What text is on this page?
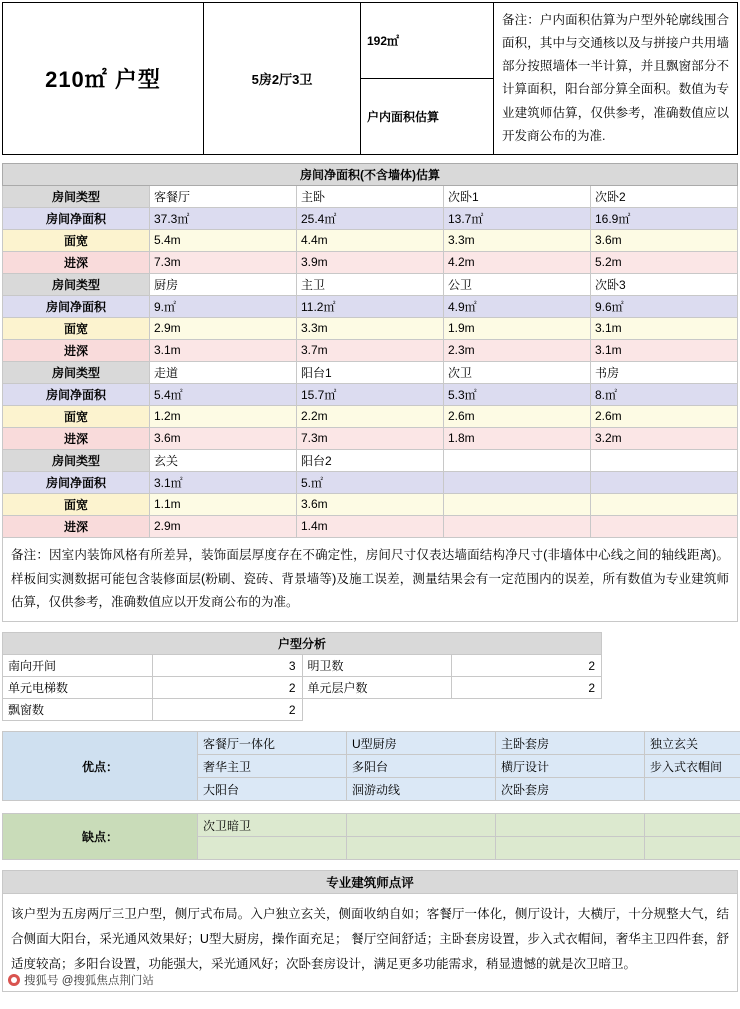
210㎡ 户型	5房2厅3卫	192㎡	备注：户内面积估算为户型外轮廓线围合面积，其中与交通核以及与拼接户共用墙部分按照墙体一半计算，并且飘窗部分不计算面积，阳台部分算全面积。数值为专业建筑师估算，仅供参考，准确数值应以开发商公布的为准.
户内面积估算
房间净面积(不含墙体)估算				
房间类型	客餐厅	主卧	次卧1	次卧2
房间净面积	37.3㎡	25.4㎡	13.7㎡	16.9㎡
面宽	5.4m	4.4m	3.3m	3.6m
进深	7.3m	3.9m	4.2m	5.2m
房间类型	厨房	主卫	公卫	次卧3
房间净面积	9.㎡	11.2㎡	4.9㎡	9.6㎡
面宽	2.9m	3.3m	1.9m	3.1m
进深	3.1m	3.7m	2.3m	3.1m
房间类型	走道	阳台1	次卫	书房
房间净面积	5.4㎡	15.7㎡	5.3㎡	8.㎡
面宽	1.2m	2.2m	2.6m	2.6m
进深	3.6m	7.3m	1.8m	3.2m
房间类型	玄关	阳台2		
房间净面积	3.1㎡	5.㎡		
面宽	1.1m	3.6m		
进深	2.9m	1.4m		
备注：因室内装饰风格有所差异，装饰面层厚度存在不确定性，房间尺寸仅表达墙面结构净尺寸(非墙体中心线之间的轴线距离)。样板间实测数据可能包含装修面层(粉刷、瓷砖、背景墙等)及施工误差，测量结果会有一定范围内的误差，所有数值为专业建筑师估算，仅供参考，准确数值应以开发商公布的为准。
户型分析			
南向开间	3	明卫数	2
单元电梯数	2	单元层户数	2
飘窗数	2		
优点：	客餐厅一体化	U型厨房	主卧套房	独立玄关
	奢华主卫	多阳台	横厅设计	步入式衣帽间
	大阳台	洄游动线	次卧套房	
缺点：	次卫暗卫			

专业建筑师点评
该户型为五房两厅三卫户型，侧厅式布局。入户独立玄关，侧面收纳自如；客餐厅一体化，侧厅设计，大横厅，十分规整大气，结合侧面大阳台，采光通风效果好；U型大厨房，操作面充足； 餐厅空间舒适；主卧套房设置，步入式衣帽间，奢华主卫四件套，舒适度较高；多阳台设置，功能强大，采光通风好；次卧套房设计，满足更多功能需求，稍显遗憾的就是次卫暗卫。
搜狐号 @搜狐焦点荆门站
